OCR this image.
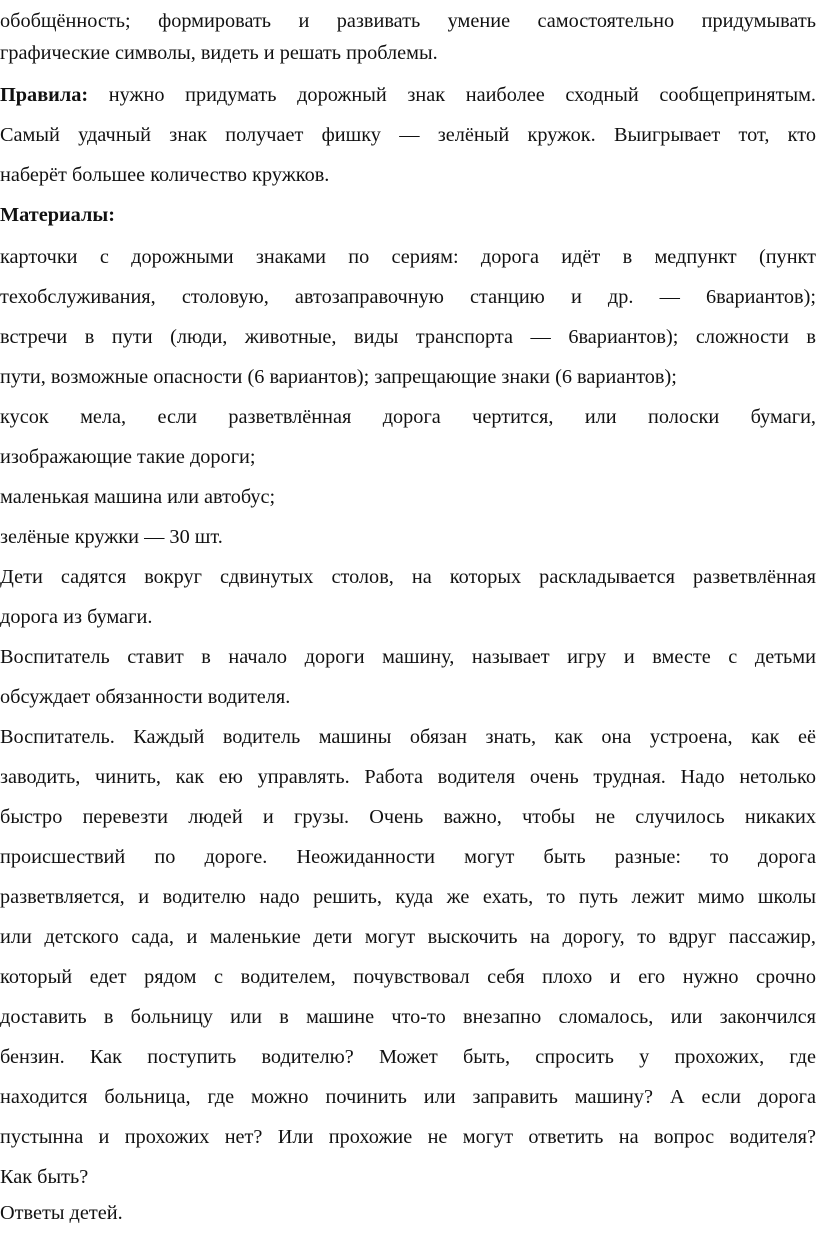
обобщённость; формировать и развивать умение самостоятельно придумывать
графические символы, видеть и решать проблемы.
Правила: нужно придумать дорожный знак наиболее сходный сообщепринятым.
Самый удачный знак получает фишку — зелёный кружок. Выигрывает тот, кто
наберёт большее количество кружков.
Материалы:
карточки с дорожными знаками по сериям: дорога идёт в медпункт (пункт
техобслуживания, столовую, автозаправочную станцию и др. — 6вариантов);
встречи в пути (люди, животные, виды транспорта — 6вариантов); сложности в
пути, возможные опасности (6 вариантов); запрещающие знаки (6 вариантов);
кусок мела, если разветвлённая дорога чертится, или полоски бумаги,
изображающие такие дороги;
маленькая машина или автобус;
зелёные кружки — 30 шт.
Дети садятся вокруг сдвинутых столов, на которых раскладывается разветвлённая
дорога из бумаги.
Воспитатель ставит в начало дороги машину, называет игру и вместе с детьми
обсуждает обязанности водителя.
Воспитатель. Каждый водитель машины обязан знать, как она устроена, как её
заводить, чинить, как ею управлять. Работа водителя очень трудная. Надо нетолько
быстро перевезти людей и грузы. Очень важно, чтобы не случилось никаких
происшествий по дороге. Неожиданности могут быть разные: то дорога
разветвляется, и водителю надо решить, куда же ехать, то путь лежит мимо школы
или детского сада, и маленькие дети могут выскочить на дорогу, то вдруг пассажир,
который едет рядом с водителем, почувствовал себя плохо и его нужно срочно
доставить в больницу или в машине что-то внезапно сломалось, или закончился
бензин. Как поступить водителю? Может быть, спросить у прохожих, где
находится больница, где можно починить или заправить машину? А если дорога
пустынна и прохожих нет? Или прохожие не могут ответить на вопрос водителя?
Как быть?
Ответы детей.
